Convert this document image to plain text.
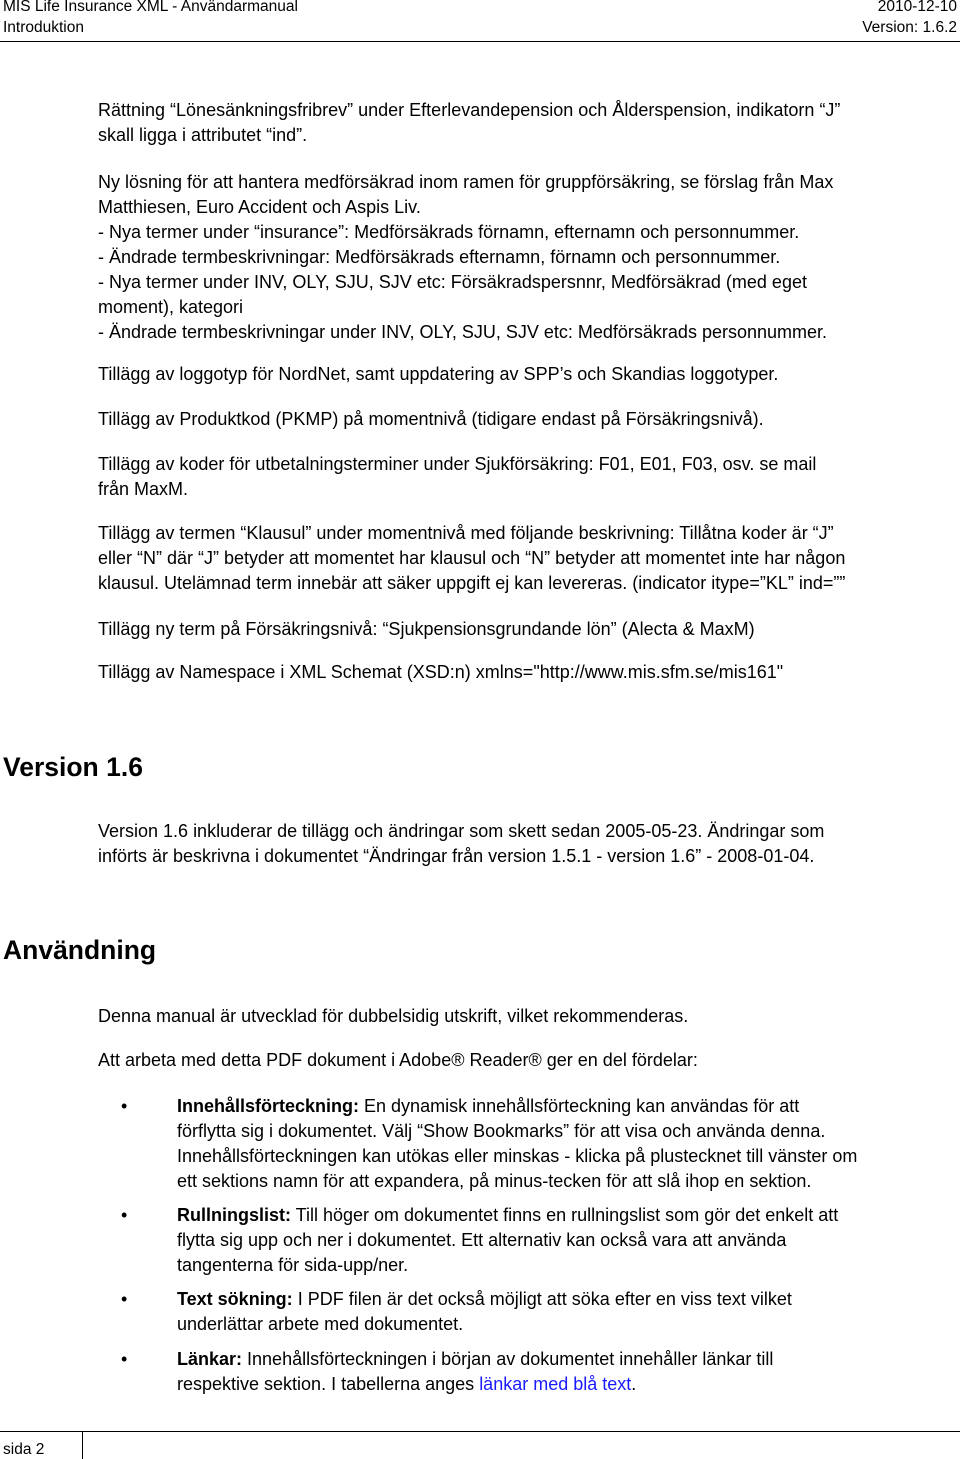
MIS Life Insurance XML - Användarmanual	2010-12-10
Introduktion	Version: 1.6.2
Rättning “Lönesänkningsfribrev” under Efterlevandepension och Ålderspension, indikatorn “J”
skall ligga i attributet “ind”.
Ny lösning för att hantera medförsäkrad inom ramen för gruppförsäkring, se förslag från Max
Matthiesen, Euro Accident och Aspis Liv.
- Nya termer under “insurance”: Medförsäkrads förnamn, efternamn och personnummer.
- Ändrade termbeskrivningar: Medförsäkrads efternamn, förnamn och personnummer.
- Nya termer under INV, OLY, SJU, SJV etc: Försäkradspersnnr, Medförsäkrad (med eget
moment), kategori
- Ändrade termbeskrivningar under INV, OLY, SJU, SJV etc: Medförsäkrads personnummer.
Tillägg av loggotyp för NordNet, samt uppdatering av SPP’s och Skandias loggotyper.
Tillägg av Produktkod (PKMP) på momentnivå (tidigare endast på Försäkringsnivå).
Tillägg av koder för utbetalningsterminer under Sjukförsäkring: F01, E01, F03, osv. se mail
från MaxM.
Tillägg av termen “Klausul” under momentnivå med följande beskrivning: Tillåtna koder är “J”
eller “N” där “J” betyder att momentet har klausul och “N” betyder att momentet inte har någon
klausul. Utelämnad term innebär att säker uppgift ej kan levereras. (indicator itype=”KL” ind=””
Tillägg ny term på Försäkringsnivå: “Sjukpensionsgrundande lön” (Alecta & MaxM)
Tillägg av Namespace i XML Schemat (XSD:n) xmlns="http://www.mis.sfm.se/mis161"
Version 1.6
Version 1.6 inkluderar de tillägg och ändringar som skett sedan 2005-05-23. Ändringar som
införts är beskrivna i dokumentet “Ändringar från version 1.5.1 - version 1.6” - 2008-01-04.
Användning
Denna manual är utvecklad för dubbelsidig utskrift, vilket rekommenderas.
Att arbeta med detta PDF dokument i Adobe® Reader® ger en del fördelar:
•	Innehållsförteckning: En dynamisk innehållsförteckning kan användas för att
förflytta sig i dokumentet. Välj “Show Bookmarks” för att visa och använda denna.
Innehållsförteckningen kan utökas eller minskas - klicka på plustecknet till vänster om
ett sektions namn för att expandera, på minus-tecken för att slå ihop en sektion.
•	Rullningslist: Till höger om dokumentet finns en rullningslist som gör det enkelt att
flytta sig upp och ner i dokumentet. Ett alternativ kan också vara att använda
tangenterna för sida-upp/ner.
•	Text sökning: I PDF filen är det också möjligt att söka efter en viss text vilket
underlättar arbete med dokumentet.
•	Länkar: Innehållsförteckningen i början av dokumentet innehåller länkar till
respektive sektion. I tabellerna anges länkar med blå text.
sida 2
